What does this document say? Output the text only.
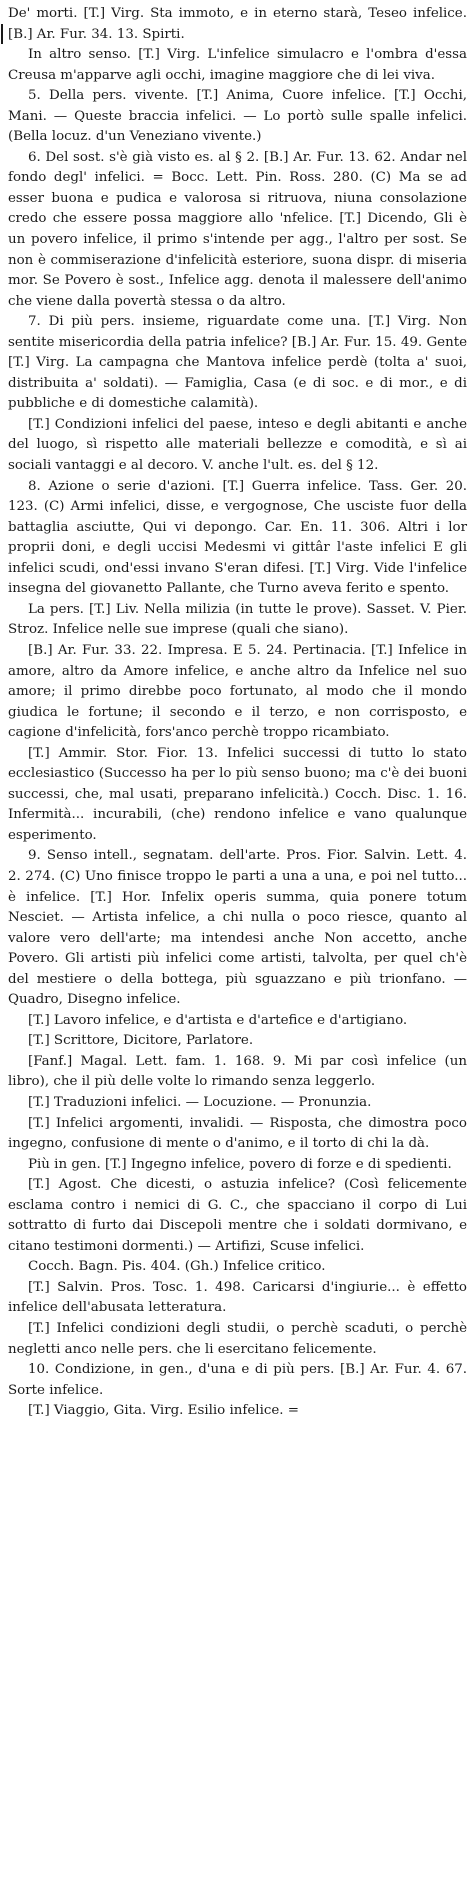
De' morti. [T.] Virg. Sta immoto, e in eterno starà, Teseo infelice. [B.] Ar. Fur. 34. 13. Spirti.

In altro senso. [T.] Virg. L'infelice simulacro e l'ombra d'essa Creusa m'apparve agli occhi, imagine maggiore che di lei viva.

5. Della pers. vivente. [T.] Anima, Cuore infelice. [T.] Occhi, Mani. — Queste braccia infelici. — Lo portò sulle spalle infelici. (Bella locuz. d'un Veneziano vivente.)

6. Del sost. s'è già visto es. al § 2. [B.] Ar. Fur. 13. 62. Andar nel fondo degl' infelici. = Bocc. Lett. Pin. Ross. 280. (C) Ma se ad esser buona e pudica e valorosa si ritruova, niuna consolazione credo che essere possa maggiore allo 'nfelice. [T.] Dicendo, Gli è un povero infelice, il primo s'intende per agg., l'altro per sost. Se non è commiserazione d'infelicità esteriore, suona dispr. di miseria mor. Se Povero è sost., Infelice agg. denota il malessere dell'animo che viene dalla povertà stessa o da altro.

7. Di più pers. insieme, riguardate come una. [T.] Virg. Non sentite misericordia della patria infelice? [B.] Ar. Fur. 15. 49. Gente [T.] Virg. La campagna che Mantova infelice perdè (tolta a' suoi, distribuita a' soldati). — Famiglia, Casa (e di soc. e di mor., e di pubbliche e di domestiche calamità).

[T.] Condizioni infelici del paese, inteso e degli abitanti e anche del luogo, sì rispetto alle materiali bellezze e comodità, e sì ai sociali vantaggi e al decoro. V. anche l'ult. es. del § 12.

8. Azione o serie d'azioni. [T.] Guerra infelice. Tass. Ger. 20. 123. (C) Armi infelici, disse, e vergognose, Che usciste fuor della battaglia asciutte, Qui vi depongo. Car. En. 11. 306. Altri i lor proprii doni, e degli uccisi Medesmi vi gittâr l'aste infelici E gli infelici scudi, ond'essi invano S'eran difesi. [T.] Virg. Vide l'infelice insegna del giovanetto Pallante, che Turno aveva ferito e spento.

La pers. [T.] Liv. Nella milizia (in tutte le prove). Sasset. V. Pier. Stroz. Infelice nelle sue imprese (quali che siano).

[B.] Ar. Fur. 33. 22. Impresa. E 5. 24. Pertinacia. [T.] Infelice in amore, altro da Amore infelice, e anche altro da Infelice nel suo amore; il primo direbbe poco fortunato, al modo che il mondo giudica le fortune; il secondo e il terzo, e non corrisposto, e cagione d'infelicità, fors'anco perchè troppo ricambiato.

[T.] Ammir. Stor. Fior. 13. Infelici successi di tutto lo stato ecclesiastico (Successo ha per lo più senso buono; ma c'è dei buoni successi, che, mal usati, preparano infelicità.) Cocch. Disc. 1. 16. Infermità... incurabili, (che) rendono infelice e vano qualunque esperimento.

9. Senso intell., segnatam. dell'arte. Pros. Fior. Salvin. Lett. 4. 2. 274. (C) Uno finisce troppo le parti a una a una, e poi nel tutto... è infelice. [T.] Hor. Infelix operis summa, quia ponere totum Nesciet. — Artista infelice, a chi nulla o poco riesce, quanto al valore vero dell'arte; ma intendesi anche Non accetto, anche Povero. Gli artisti più infelici come artisti, talvolta, per quel ch'è del mestiere o della bottega, più sguazzano e più trionfano. — Quadro, Disegno infelice.

[T.] Lavoro infelice, e d'artista e d'artefice e d'artigiano.

[T.] Scrittore, Dicitore, Parlatore.

[Fanf.] Magal. Lett. fam. 1. 168. 9. Mi par così infelice (un libro), che il più delle volte lo rimando senza leggerlo.

[T.] Traduzioni infelici. — Locuzione. — Pronunzia.

[T.] Infelici argomenti, invalidi. — Risposta, che dimostra poco ingegno, confusione di mente o d'animo, e il torto di chi la dà.

Più in gen. [T.] Ingegno infelice, povero di forze e di spedienti.

[T.] Agost. Che dicesti, o astuzia infelice? (Così felicemente esclama contro i nemici di G. C., che spacciano il corpo di Lui sottratto di furto dai Discepoli mentre che i soldati dormivano, e citano testimoni dormenti.) — Artifizi, Scuse infelici.

Cocch. Bagn. Pis. 404. (Gh.) Infelice critico.

[T.] Salvin. Pros. Tosc. 1. 498. Caricarsi d'ingiurie... è effetto infelice dell'abusata letteratura.

[T.] Infelici condizioni degli studii, o perchè scaduti, o perchè negletti anco nelle pers. che li esercitano felicemente.

10. Condizione, in gen., d'una e di più pers. [B.] Ar. Fur. 4. 67. Sorte infelice.

[T.] Viaggio, Gita. Virg. Esilio infelice. =
